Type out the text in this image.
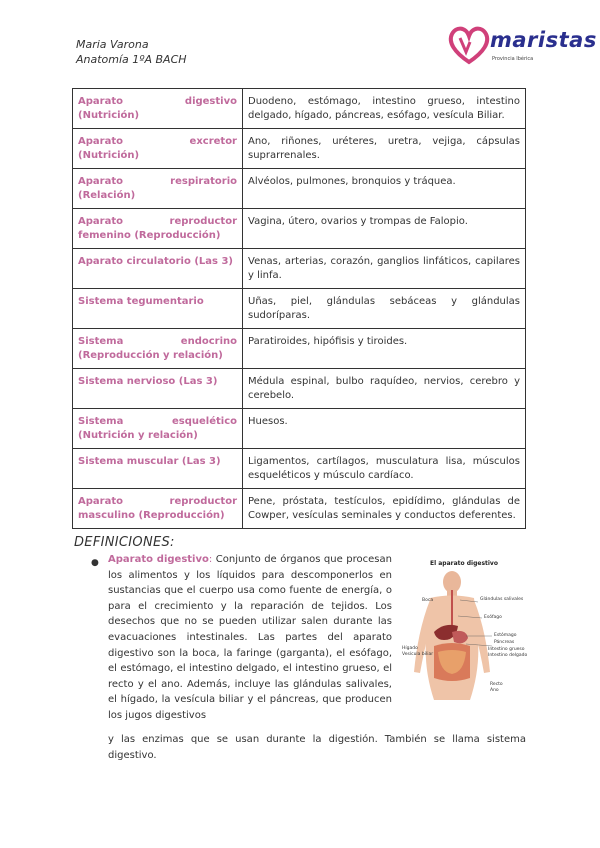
Maria Varona
Anatomía 1ºA BACH
maristas
Provincia Ibérica
Aparato digestivo (Nutrición)	Duodeno, estómago, intestino grueso, intestino delgado, hígado, páncreas, esófago, vesícula Biliar.
Aparato excretor (Nutrición)	Ano, riñones, uréteres, uretra, vejiga, cápsulas suprarrenales.
Aparato respiratorio (Relación)	Alvéolos, pulmones, bronquios y tráquea.
Aparato reproductor femenino (Reproducción)	Vagina, útero, ovarios y trompas de Falopio.
Aparato circulatorio (Las 3)	Venas, arterias, corazón, ganglios linfáticos, capilares y linfa.
Sistema tegumentario	Uñas, piel, glándulas sebáceas y glándulas sudoríparas.
Sistema endocrino (Reproducción y relación)	Paratiroides, hipófisis y tiroides.
Sistema nervioso (Las 3)	Médula espinal, bulbo raquídeo, nervios, cerebro y cerebelo.
Sistema esquelético (Nutrición y relación)	Huesos.
Sistema muscular (Las 3)	Ligamentos, cartílagos, musculatura lisa, músculos esqueléticos y músculo cardíaco.
Aparato reproductor masculino (Reproducción)	Pene, próstata, testículos, epidídimo, glándulas de Cowper, vesículas seminales y conductos deferentes.
DEFINICIONES:
● Aparato digestivo: Conjunto de órganos que procesan los alimentos y los líquidos para descomponerlos en sustancias que el cuerpo usa como fuente de energía, o para el crecimiento y la reparación de tejidos. Los desechos que no se pueden utilizar salen durante las evacuaciones intestinales. Las partes del aparato digestivo son la boca, la faringe (garganta), el esófago, el estómago, el intestino delgado, el intestino grueso, el recto y el ano. Además, incluye las glándulas salivales, el hígado, la vesícula biliar y el páncreas, que producen los jugos digestivos
y las enzimas que se usan durante la digestión. También se llama sistema digestivo.
El aparato digestivo
Boca	Glándulas salivales
Esófago
Hígado
Vesícula biliar
Estómago
Páncreas
Intestino grueso
Intestino delgado
Recto
Ano
